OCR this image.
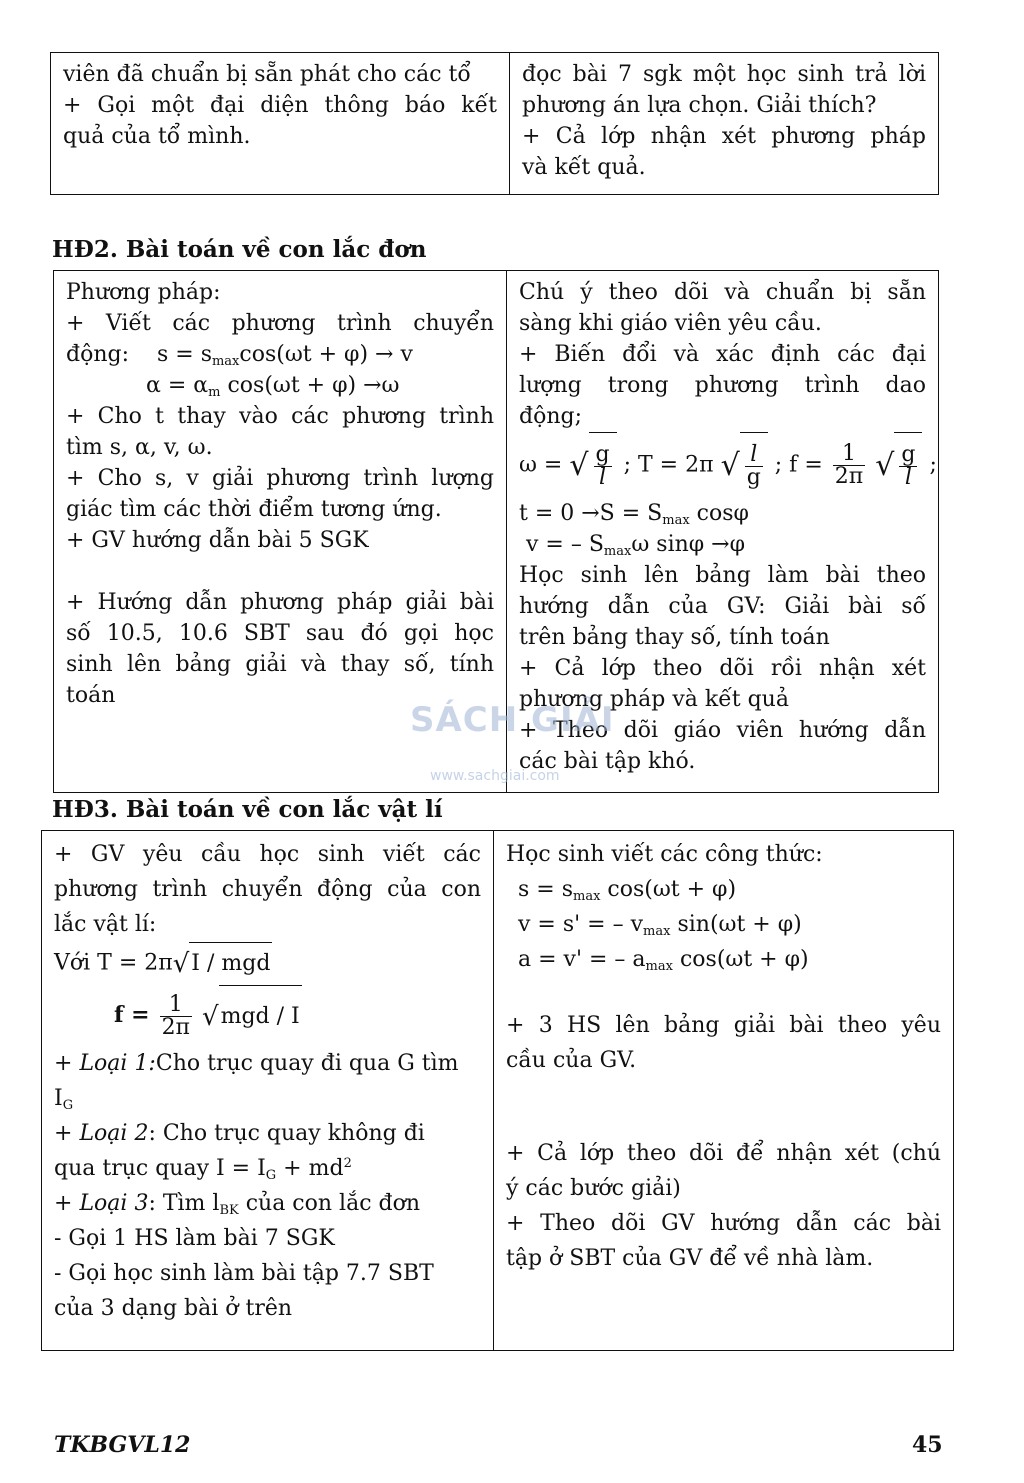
viên đã chuẩn bị sẵn phát cho các tổ
+ Gọi một đại diện thông báo kết
quả của tổ mình.

đọc bài 7 sgk một học sinh trả lời
phương án lựa chọn. Giải thích?
+ Cả lớp nhận xét phương pháp
và kết quả.
HĐ2. Bài toán về con lắc đơn
Phương pháp:
+ Viết các phương trình chuyển
động: $s = s_{max}\cos(\omega t + \varphi) \to v$
$\alpha = \alpha_m$ cos(ωt + φ) →ω
+ Cho t thay vào các phương trình
tìm s, α, v, ω.
+ Cho s, v giải phương trình lượng
giác tìm các thời điểm tương ứng.
+ GV hướng dẫn bài 5 SGK
+ Hướng dẫn phương pháp giải bài
số 10.5, 10.6 SBT sau đó gọi học
sinh lên bảng giải và thay số, tính
toán

Chú ý theo dõi và chuẩn bị sẵn
sàng khi giáo viên yêu cầu.
+ Biến đổi và xác định các đại
lượng trong phương trình dao
động;
ω = √ $\frac{g}{l}$ ; T = 2π √ $\frac{l}{g}$ ; $f = \frac{1}{2\pi}$ √ $\frac{g}{l}$ ;
$t = 0 \to S = S_{max}$ cosφ
v = – $S_{max}\omega$ sinφ →φ
Học sinh lên bảng làm bài theo
hướng dẫn của GV: Giải bài số
trên bảng thay số, tính toán
+ Cả lớp theo dõi rồi nhận xét
phương pháp và kết quả
+ Theo dõi giáo viên hướng dẫn
các bài tập khó.
HĐ3. Bài toán về con lắc vật lí
+ GV yêu cầu học sinh viết các
phương trình chuyển động của con
lắc vật lí:
Với T = 2π√I / mgd
$f = \frac{1}{2\pi} √mgd / I$
+ Loại 1:Cho trục quay đi qua G tìm
$I_G$
+ Loại 2: Cho trục quay không đi
qua trục quay $I = I_G + md^2$
+ Loại 3: Tìm $l_{BK}$ của con lắc đơn
- Gọi 1 HS làm bài 7 SGK
- Gọi học sinh làm bài tập 7.7 SBT
của 3 dạng bài ở trên

Học sinh viết các công thức:
$s = s_{max}$ cos(ωt + φ)
v = s' = – $v_{max}$ sin(ωt + φ)
a = v' = – $a_{max}$ cos(ωt + φ)
+ 3 HS lên bảng giải bài theo yêu
cầu của GV.
+ Cả lớp theo dõi để nhận xét (chú
ý các bước giải)
+ Theo dõi GV hướng dẫn các bài
tập ở SBT của GV để về nhà làm.
SÁCH GIẢI
www.sachgiai.com
TKBGVL12	45
